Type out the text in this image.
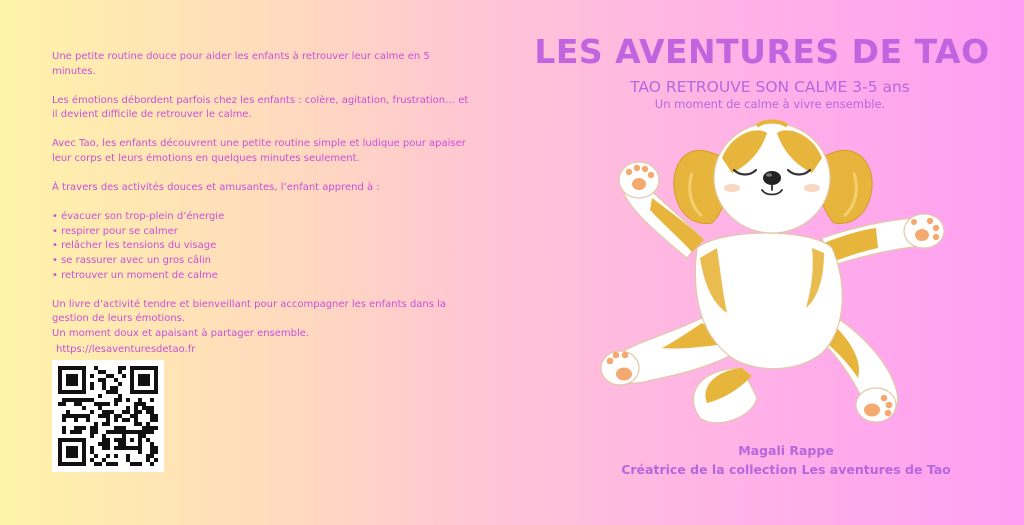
Une petite routine douce pour aider les enfants à retrouver leur calme en 5 minutes.

Les émotions débordent parfois chez les enfants : colère, agitation, frustration… et il devient difficile de retrouver le calme.

Avec Tao, les enfants découvrent une petite routine simple et ludique pour apaiser leur corps et leurs émotions en quelques minutes seulement.

À travers des activités douces et amusantes, l’enfant apprend à :

• évacuer son trop-plein d’énergie
• respirer pour se calmer
• relâcher les tensions du visage
• se rassurer avec un gros câlin
• retrouver un moment de calme

Un livre d’activité tendre et bienveillant pour accompagner les enfants dans la gestion de leurs émotions.

Un moment doux et apaisant à partager ensemble.

https://lesaventuresdetao.fr
LES AVENTURES DE TAO
TAO RETROUVE SON CALME 3-5 ans
Un moment de calme à vivre ensemble.
Magali Rappe
Créatrice de la collection Les aventures de Tao
